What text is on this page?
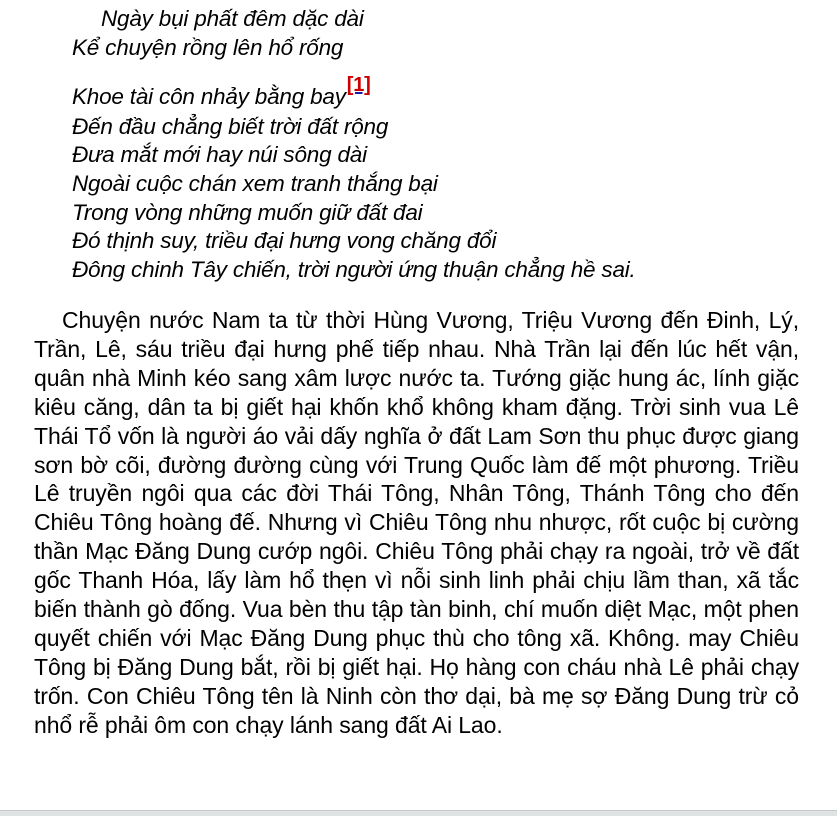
Ngày bụi phất đêm dặc dài
Kể chuyện rồng lên hổ rống
Khoe tài côn nhảy bằng bay[1]
Đến đầu chẳng biết trời đất rộng
Đưa mắt mới hay núi sông dài
Ngoài cuộc chán xem tranh thắng bại
Trong vòng những muốn giữ đất đai
Đó thịnh suy, triều đại hưng vong chăng đổi
Đông chinh Tây chiến, trời người ứng thuận chẳng hề sai.

Chuyện nước Nam ta từ thời Hùng Vương, Triệu Vương đến Đinh, Lý, Trần, Lê, sáu triều đại hưng phế tiếp nhau. Nhà Trần lại đến lúc hết vận, quân nhà Minh kéo sang xâm lược nước ta. Tướng giặc hung ác, lính giặc kiêu căng, dân ta bị giết hại khốn khổ không kham đặng. Trời sinh vua Lê Thái Tổ vốn là người áo vải dấy nghĩa ở đất Lam Sơn thu phục được giang sơn bờ cõi, đường đường cùng với Trung Quốc làm đế một phương. Triều Lê truyền ngôi qua các đời Thái Tông, Nhân Tông, Thánh Tông cho đến Chiêu Tông hoàng đế. Nhưng vì Chiêu Tông nhu nhược, rốt cuộc bị cường thần Mạc Đăng Dung cướp ngôi. Chiêu Tông phải chạy ra ngoài, trở về đất gốc Thanh Hóa, lấy làm hổ thẹn vì nỗi sinh linh phải chịu lầm than, xã tắc biến thành gò đống. Vua bèn thu tập tàn binh, chí muốn diệt Mạc, một phen quyết chiến với Mạc Đăng Dung phục thù cho tông xã. Không. may Chiêu Tông bị Đăng Dung bắt, rồi bị giết hại. Họ hàng con cháu nhà Lê phải chạy trốn. Con Chiêu Tông tên là Ninh còn thơ dại, bà mẹ sợ Đăng Dung trừ cỏ nhổ rễ phải ôm con chạy lánh sang đất Ai Lao.
